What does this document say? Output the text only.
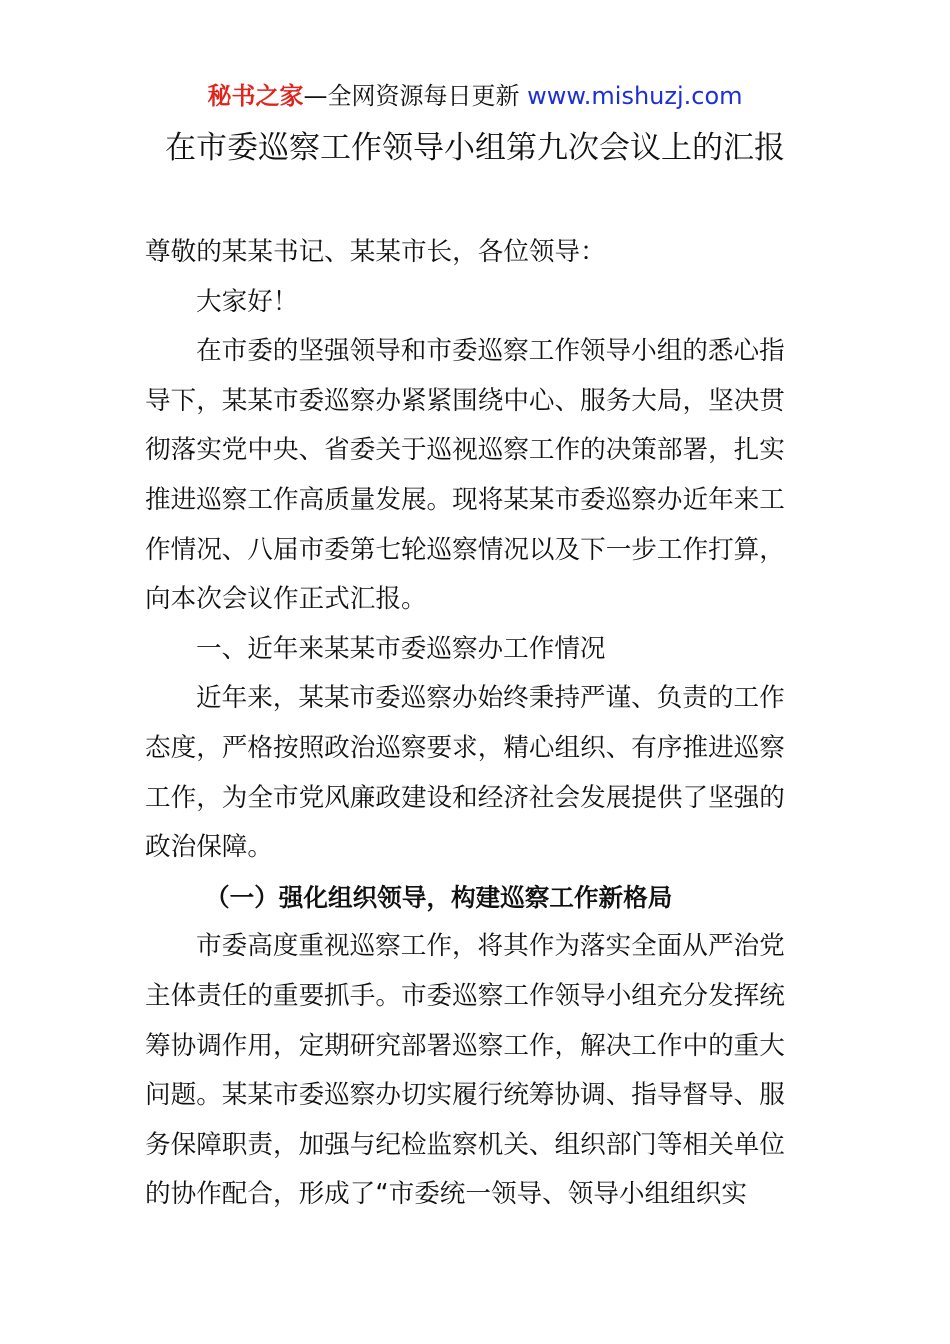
秘书之家—全网资源每日更新 www.mishuzj.com
在市委巡察工作领导小组第九次会议上的汇报

尊敬的某某书记、某某市长，各位领导：

大家好！

在市委的坚强领导和市委巡察工作领导小组的悉心指导下，某某市委巡察办紧紧围绕中心、服务大局，坚决贯彻落实党中央、省委关于巡视巡察工作的决策部署，扎实推进巡察工作高质量发展。现将某某市委巡察办近年来工作情况、八届市委第七轮巡察情况以及下一步工作打算，向本次会议作正式汇报。

一、近年来某某市委巡察办工作情况

近年来，某某市委巡察办始终秉持严谨、负责的工作态度，严格按照政治巡察要求，精心组织、有序推进巡察工作，为全市党风廉政建设和经济社会发展提供了坚强的政治保障。

（一）强化组织领导，构建巡察工作新格局

市委高度重视巡察工作，将其作为落实全面从严治党主体责任的重要抓手。市委巡察工作领导小组充分发挥统筹协调作用，定期研究部署巡察工作，解决工作中的重大问题。某某市委巡察办切实履行统筹协调、指导督导、服务保障职责，加强与纪检监察机关、组织部门等相关单位的协作配合，形成了“市委统一领导、领导小组组织实
